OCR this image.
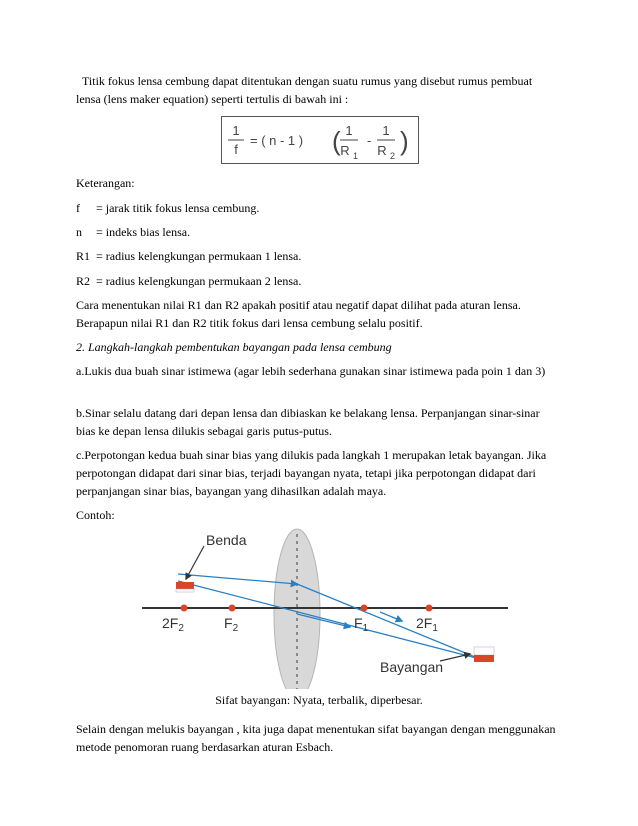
Titik fokus lensa cembung dapat ditentukan dengan suatu rumus yang disebut rumus pembuat lensa (lens maker equation) seperti tertulis di bawah ini :

1
f
= ( n - 1 ) ( 1
R 1
-
1
R 2 )

Keterangan:

f = jarak titik fokus lensa cembung.
n = indeks bias lensa.
R1 = radius kelengkungan permukaan 1 lensa.
R2 = radius kelengkungan permukaan 2 lensa.

Cara menentukan nilai R1 dan R2 apakah positif atau negatif dapat dilihat pada aturan lensa. Berapapun nilai R1 dan R2 titik fokus dari lensa cembung selalu positif.

2. Langkah-langkah pembentukan bayangan pada lensa cembung

a.Lukis dua buah sinar istimewa (agar lebih sederhana gunakan sinar istimewa pada poin 1 dan 3)

b.Sinar selalu datang dari depan lensa dan dibiaskan ke belakang lensa. Perpanjangan sinar-sinar bias ke depan lensa dilukis sebagai garis putus-putus.

c.Perpotongan kedua buah sinar bias yang dilukis pada langkah 1 merupakan letak bayangan. Jika perpotongan didapat dari sinar bias, terjadi bayangan nyata, tetapi jika perpotongan didapat dari perpanjangan sinar bias, bayangan yang dihasilkan adalah maya.

Contoh:

Benda
Bayangan
$2F_2$	$F_2$	$F_1$	$2F_1$
Sifat bayangan: Nyata, terbalik, diperbesar.

Selain dengan melukis bayangan , kita juga dapat menentukan sifat bayangan dengan menggunakan metode penomoran ruang berdasarkan aturan Esbach.
